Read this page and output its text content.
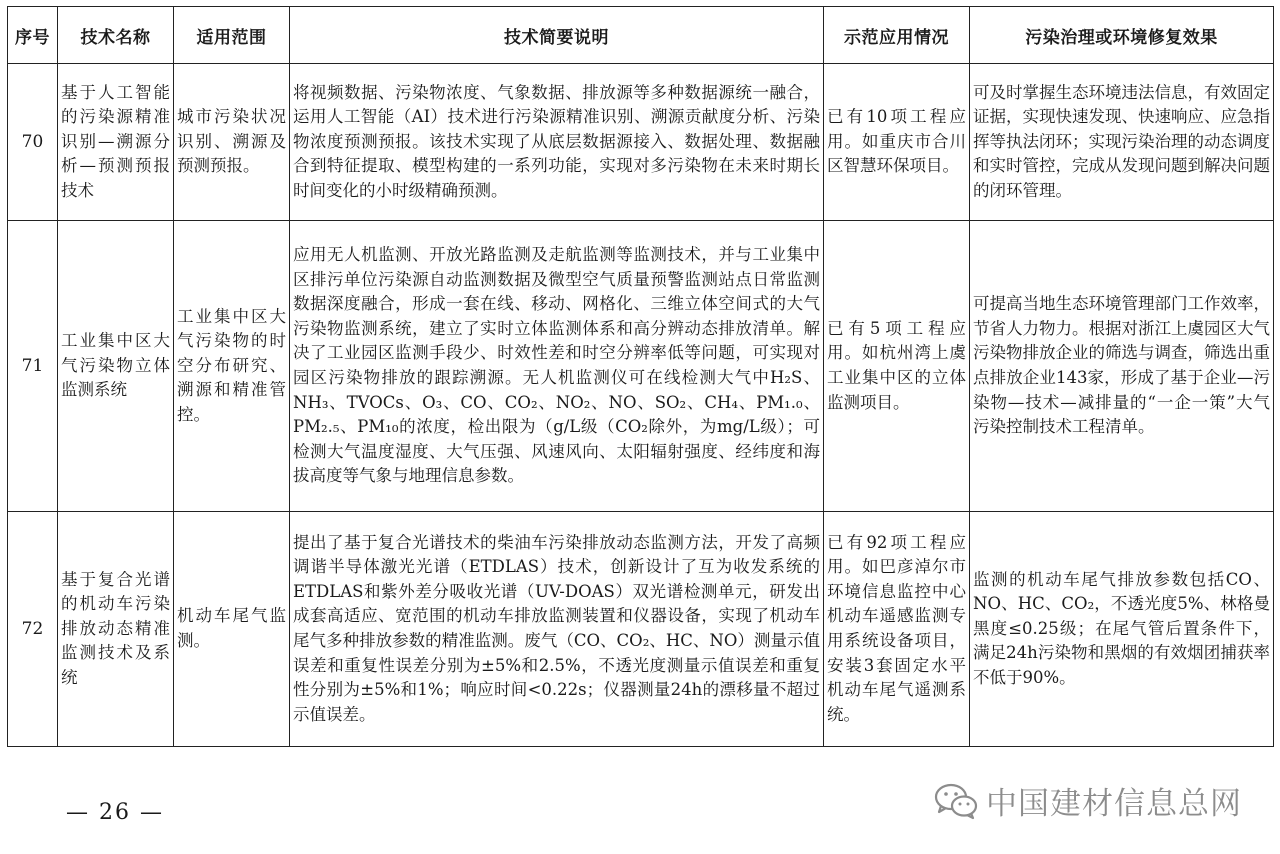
序号	技术名称	适用范围	技术简要说明	示范应用情况	污染治理或环境修复效果
70	基于人工智能的污染源精准识别—溯源分析—预测预报技术	城市污染状况识别、溯源及预测预报。	将视频数据、污染物浓度、气象数据、排放源等多种数据源统一融合，运用人工智能（AI）技术进行污染源精准识别、溯源贡献度分析、污染物浓度预测预报。该技术实现了从底层数据源接入、数据处理、数据融合到特征提取、模型构建的一系列功能，实现对多污染物在未来时期长时间变化的小时级精确预测。	已有10项工程应用。如重庆市合川区智慧环保项目。	可及时掌握生态环境违法信息，有效固定证据，实现快速发现、快速响应、应急指挥等执法闭环；实现污染治理的动态调度和实时管控，完成从发现问题到解决问题的闭环管理。
71	工业集中区大气污染物立体监测系统	工业集中区大气污染物的时空分布研究、溯源和精准管控。	应用无人机监测、开放光路监测及走航监测等监测技术，并与工业集中区排污单位污染源自动监测数据及微型空气质量预警监测站点日常监测数据深度融合，形成一套在线、移动、网格化、三维立体空间式的大气污染物监测系统，建立了实时立体监测体系和高分辨动态排放清单。解决了工业园区监测手段少、时效性差和时空分辨率低等问题，可实现对园区污染物排放的跟踪溯源。无人机监测仪可在线检测大气中H₂S、NH₃、TVOCs、O₃、CO、CO₂、NO₂、NO、SO₂、CH₄、PM₁.₀、PM₂.₅、PM₁₀的浓度，检出限为（g/L级（CO₂除外，为mg/L级）；可检测大气温度湿度、大气压强、风速风向、太阳辐射强度、经纬度和海拔高度等气象与地理信息参数。	已有5项工程应用。如杭州湾上虞工业集中区的立体监测项目。	可提高当地生态环境管理部门工作效率，节省人力物力。根据对浙江上虞园区大气污染物排放企业的筛选与调查，筛选出重点排放企业143家，形成了基于企业—污染物—技术—减排量的“一企一策”大气污染控制技术工程清单。
72	基于复合光谱的机动车污染排放动态精准监测技术及系统	机动车尾气监测。	提出了基于复合光谱技术的柴油车污染排放动态监测方法，开发了高频调谐半导体激光光谱（ETDLAS）技术，创新设计了互为收发系统的ETDLAS和紫外差分吸收光谱（UV-DOAS）双光谱检测单元，研发出成套高适应、宽范围的机动车排放监测装置和仪器设备，实现了机动车尾气多种排放参数的精准监测。废气（CO、CO₂、HC、NO）测量示值误差和重复性误差分别为±5%和2.5%，不透光度测量示值误差和重复性分别为±5%和1%；响应时间<0.22s；仪器测量24h的漂移量不超过示值误差。	已有92项工程应用。如巴彦淖尔市环境信息监控中心机动车遥感监测专用系统设备项目，安装3套固定水平机动车尾气遥测系统。	监测的机动车尾气排放参数包括CO、NO、HC、CO₂，不透光度5%、林格曼黑度≤0.25级；在尾气管后置条件下，满足24h污染物和黑烟的有效烟团捕获率不低于90%。
— 26 —	中国建材信息总网
